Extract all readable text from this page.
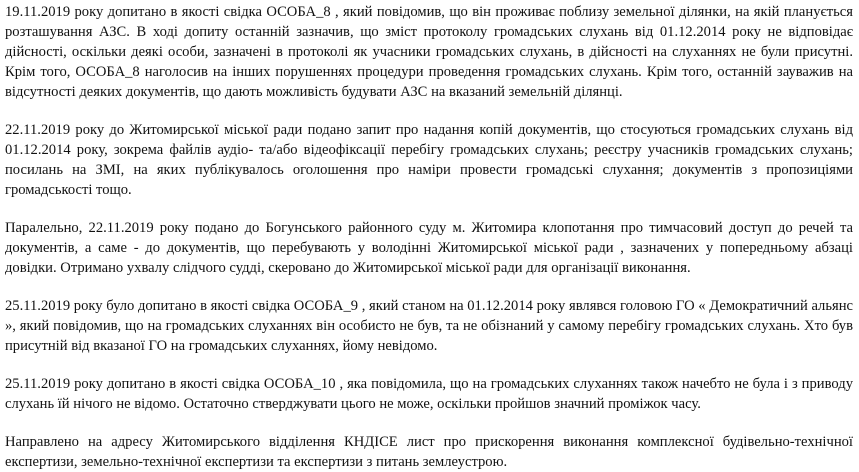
19.11.2019 року допитано в якості свідка ОСОБА_8 , який повідомив, що він проживає поблизу земельної ділянки, на якій планується розташування АЗС. В ході допиту останній зазначив, що зміст протоколу громадських слухань від 01.12.2014 року не відповідає дійсності, оскільки деякі особи, зазначені в протоколі як учасники громадських слухань, в дійсності на слуханнях не були присутні. Крім того, ОСОБА_8 наголосив на інших порушеннях процедури проведення громадських слухань. Крім того, останній зауважив на відсутності деяких документів, що дають можливість будувати АЗС на вказаний земельній ділянці.

22.11.2019 року до Житомирської міської ради подано запит про надання копій документів, що стосуються громадських слухань від 01.12.2014 року, зокрема файлів аудіо- та/або відеофіксації перебігу громадських слухань; реєстру учасників громадських слухань; посилань на ЗМІ, на яких публікувалось оголошення про наміри провести громадські слухання; документів з пропозиціями громадськості тощо.

Паралельно, 22.11.2019 року подано до Богунського районного суду м. Житомира клопотання про тимчасовий доступ до речей та документів, а саме - до документів, що перебувають у володінні Житомирської міської ради , зазначених у попередньому абзаці довідки. Отримано ухвалу слідчого судді, скеровано до Житомирської міської ради для організації виконання.

25.11.2019 року було допитано в якості свідка ОСОБА_9 , який станом на 01.12.2014 року являвся головою ГО « Демократичний альянс », який повідомив, що на громадських слуханнях він особисто не був, та не обізнаний у самому перебігу громадських слухань. Хто був присутній від вказаної ГО на громадських слуханнях, йому невідомо.

25.11.2019 року допитано в якості свідка ОСОБА_10 , яка повідомила, що на громадських слуханнях також начебто не була і з приводу слухань їй нічого не відомо. Остаточно стверджувати цього не може, оскільки пройшов значний проміжок часу.

Направлено на адресу Житомирського відділення КНДІСЕ лист про прискорення виконання комплексної будівельно-технічної експертизи, земельно-технічної експертизи та експертизи з питань землеустрою.
